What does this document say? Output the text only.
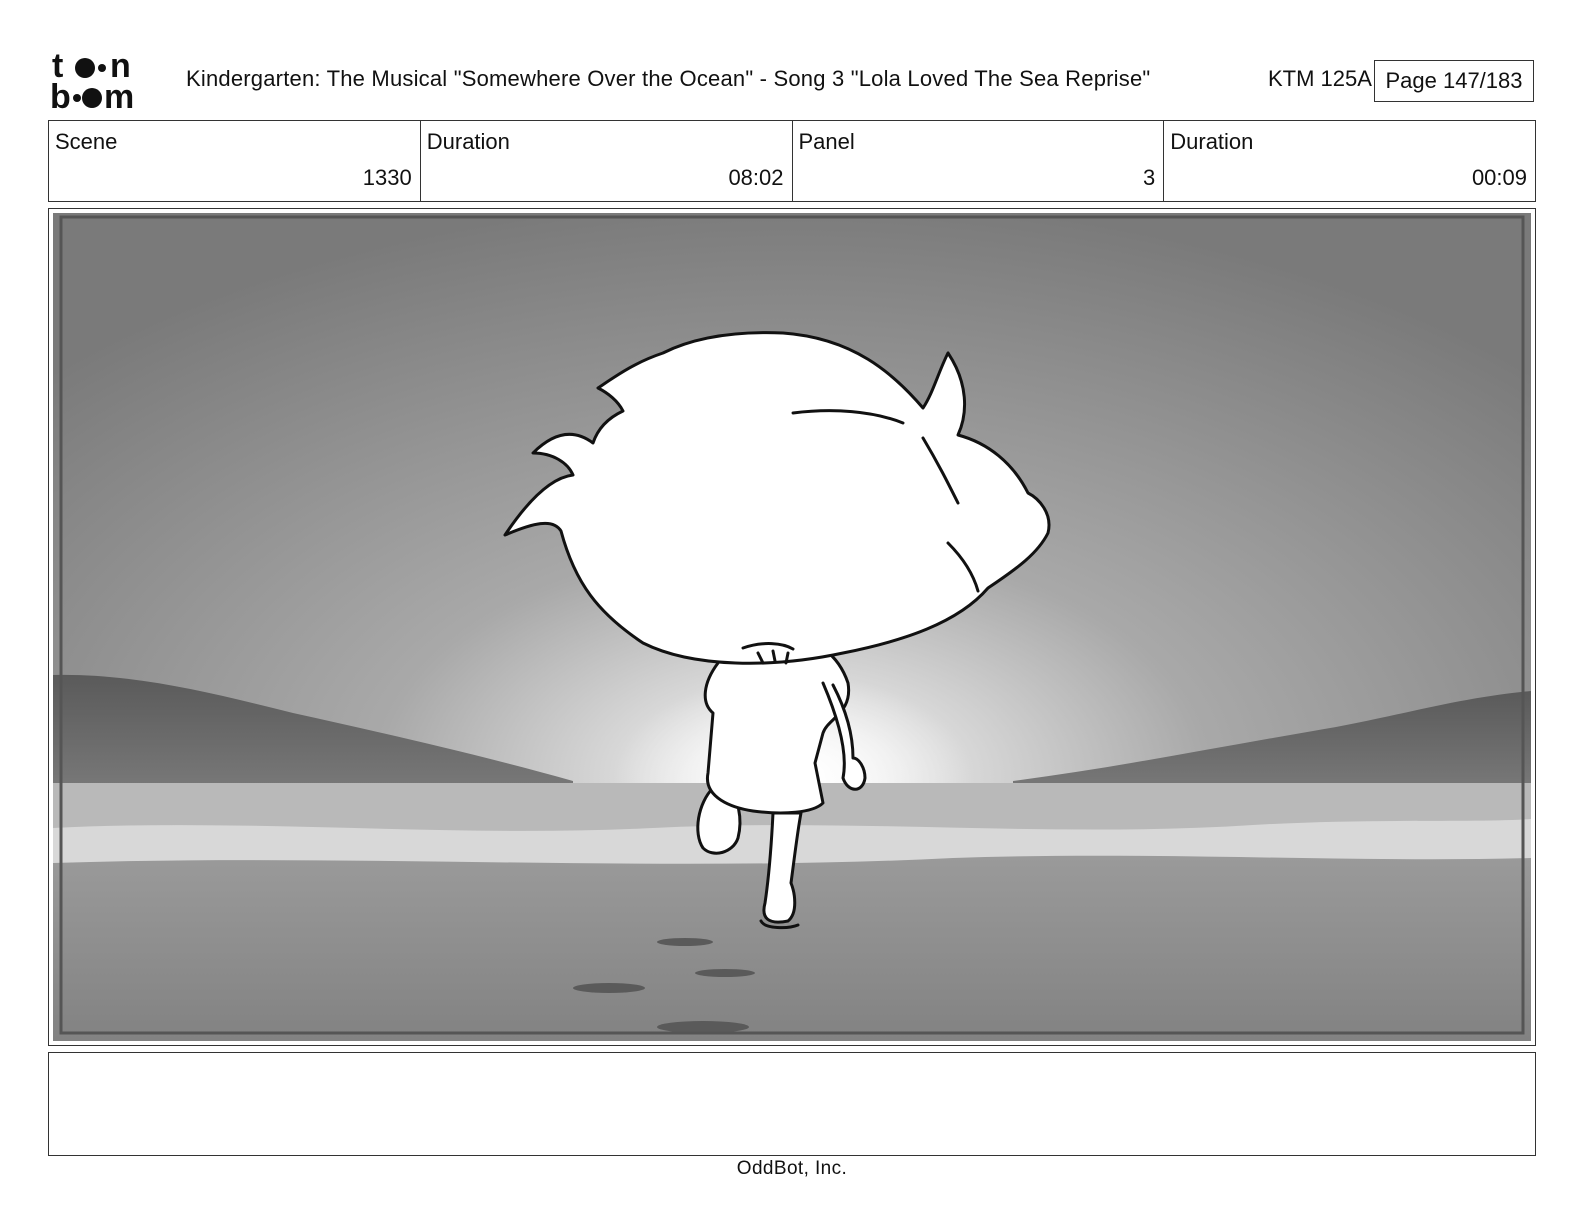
t n
b m Kindergarten: The Musical "Somewhere Over the Ocean" - Song 3 "Lola Loved The Sea Reprise"	KTM 125A Page 147/183
Scene
1330
Duration
08:02
Panel
3
Duration
00:09
OddBot, Inc.
